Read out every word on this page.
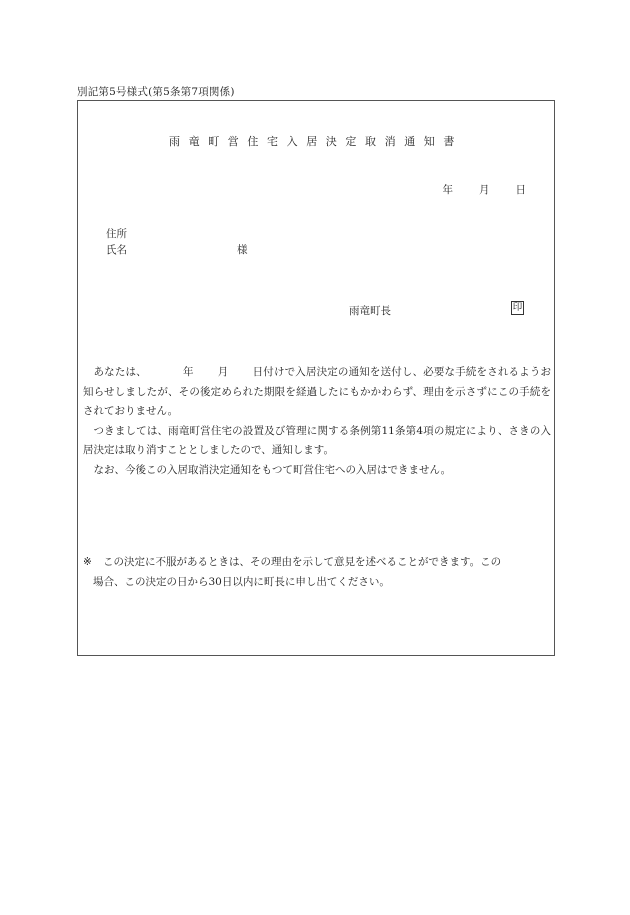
別記第5号様式(第5条第7項関係)
雨竜町営住宅入居決定取消通知書
年 月 日
住所
氏名	様
雨竜町長	印

あなたは、	年 月 日付けで入居決定の通知を送付し、必要な手続をされるようお知らせしましたが、その後定められた期限を経過したにもかかわらず、理由を示さずにこの手続をされておりません。

つきましては、雨竜町営住宅の設置及び管理に関する条例第11条第4項の規定により、さきの入居決定は取り消すこととしましたので、通知します。

なお、今後この入居取消決定通知をもつて町営住宅への入居はできません。

※ この決定に不服があるときは、その理由を示して意見を述べることができます。この
場合、この決定の日から30日以内に町長に申し出てください。
